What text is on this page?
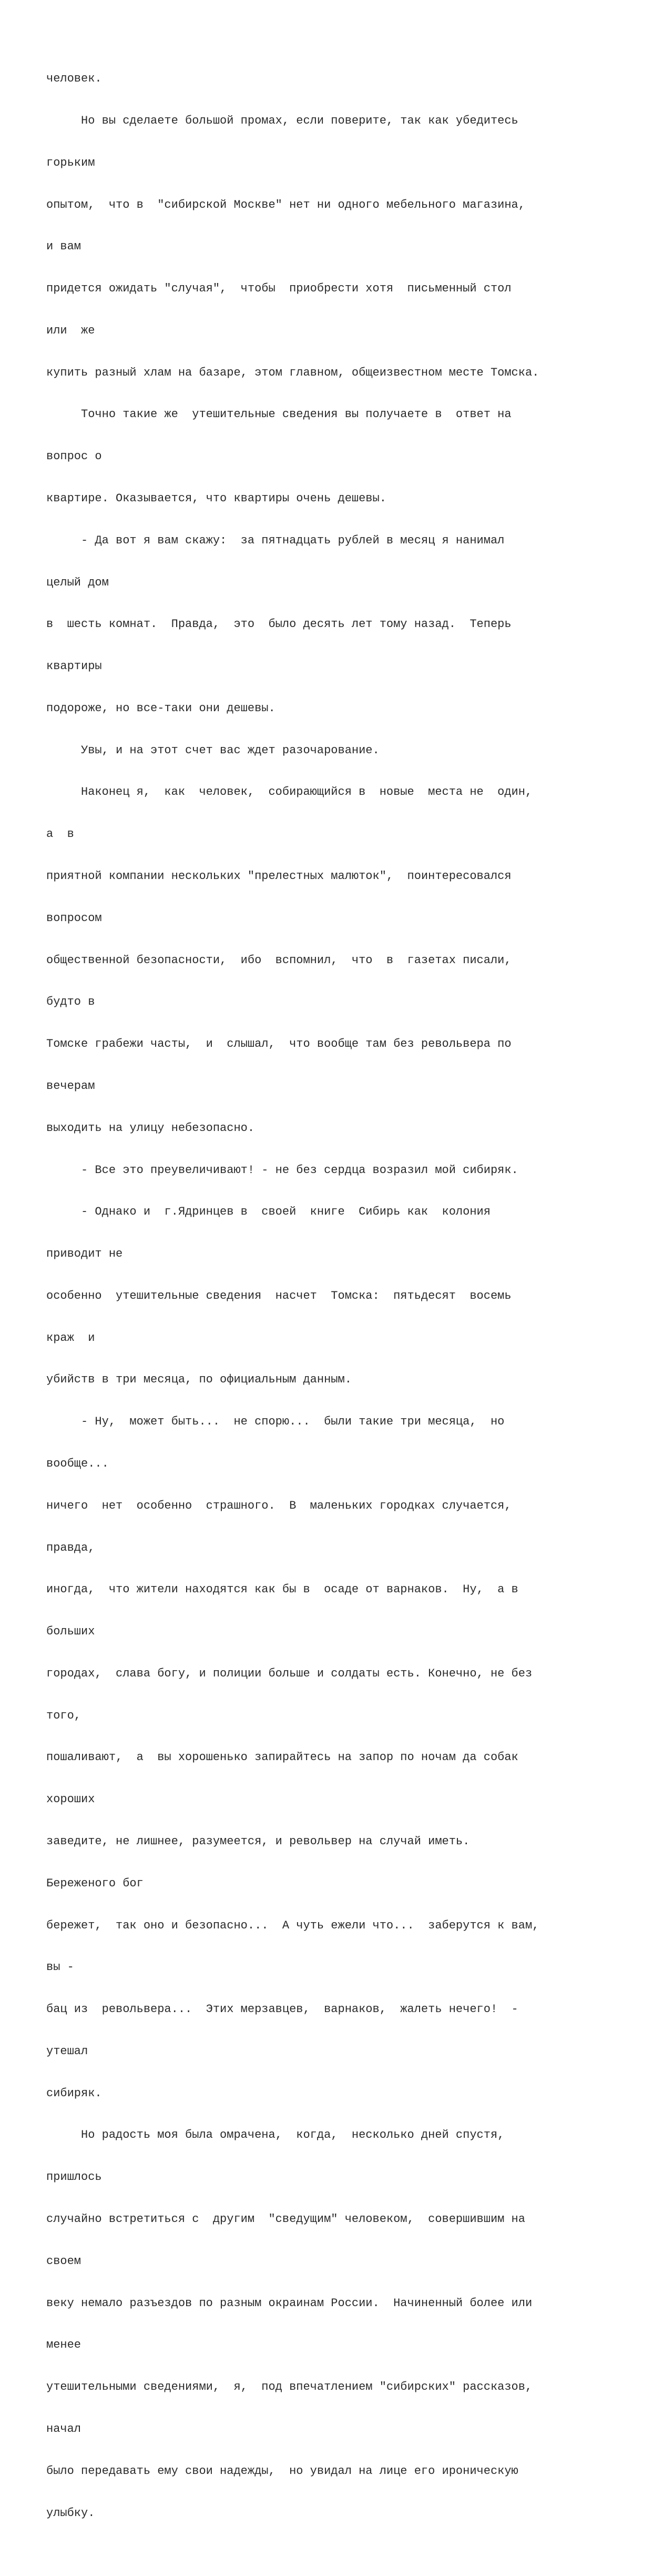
человек.

Но вы сделаете большой промах, если поверите, так как убедитесь

горьким

опытом,  что в  "сибирской Москве" нет ни одного мебельного магазина,

и вам

придется ожидать "случая",  чтобы  приобрести хотя  письменный стол

или  же

купить разный хлам на базаре, этом главном, общеизвестном месте Томска.

Точно такие же  утешительные сведения вы получаете в  ответ на

вопрос о

квартире. Оказывается, что квартиры очень дешевы.

- Да вот я вам скажу:  за пятнадцать рублей в месяц я нанимал

целый дом

в  шесть комнат.  Правда,  это  было десять лет тому назад.  Теперь

квартиры

подороже, но все-таки они дешевы.

Увы, и на этот счет вас ждет разочарование.

Наконец я,  как  человек,  собирающийся в  новые  места не  один,

а  в

приятной компании нескольких "прелестных малюток",  поинтересовался

вопросом

общественной безопасности,  ибо  вспомнил,  что  в  газетах писали,

будто в

Томске грабежи часты,  и  слышал,  что вообще там без револьвера по

вечерам

выходить на улицу небезопасно.

- Все это преувеличивают! - не без сердца возразил мой сибиряк.

- Однако и  г.Ядринцев в  своей  книге  Сибирь как  колония

приводит не

особенно  утешительные сведения  насчет  Томска:  пятьдесят  восемь

краж  и

убийств в три месяца, по официальным данным.

- Ну,  может быть...  не спорю...  были такие три месяца,  но

вообще...

ничего  нет  особенно  страшного.  В  маленьких городках случается,

правда,

иногда,  что жители находятся как бы в  осаде от варнаков.  Ну,  а в

больших

городах,  слава богу, и полиции больше и солдаты есть. Конечно, не без

того,

пошаливают,  а  вы хорошенько запирайтесь на запор по ночам да собак

хороших

заведите, не лишнее, разумеется, и револьвер на случай иметь.

Береженого бог

бережет,  так оно и безопасно...  А чуть ежели что...  заберутся к вам,

вы -

бац из  револьвера...  Этих мерзавцев,  варнаков,  жалеть нечего!  -

утешал

сибиряк.

Но радость моя была омрачена,  когда,  несколько дней спустя,

пришлось

случайно встретиться с  другим  "сведущим" человеком,  совершившим на

своем

веку немало разъездов по разным окраинам России.  Начиненный более или

менее

утешительными сведениями,  я,  под впечатлением "сибирских" рассказов,

начал

было передавать ему свои надежды,  но увидал на лице его ироническую

улыбку.
